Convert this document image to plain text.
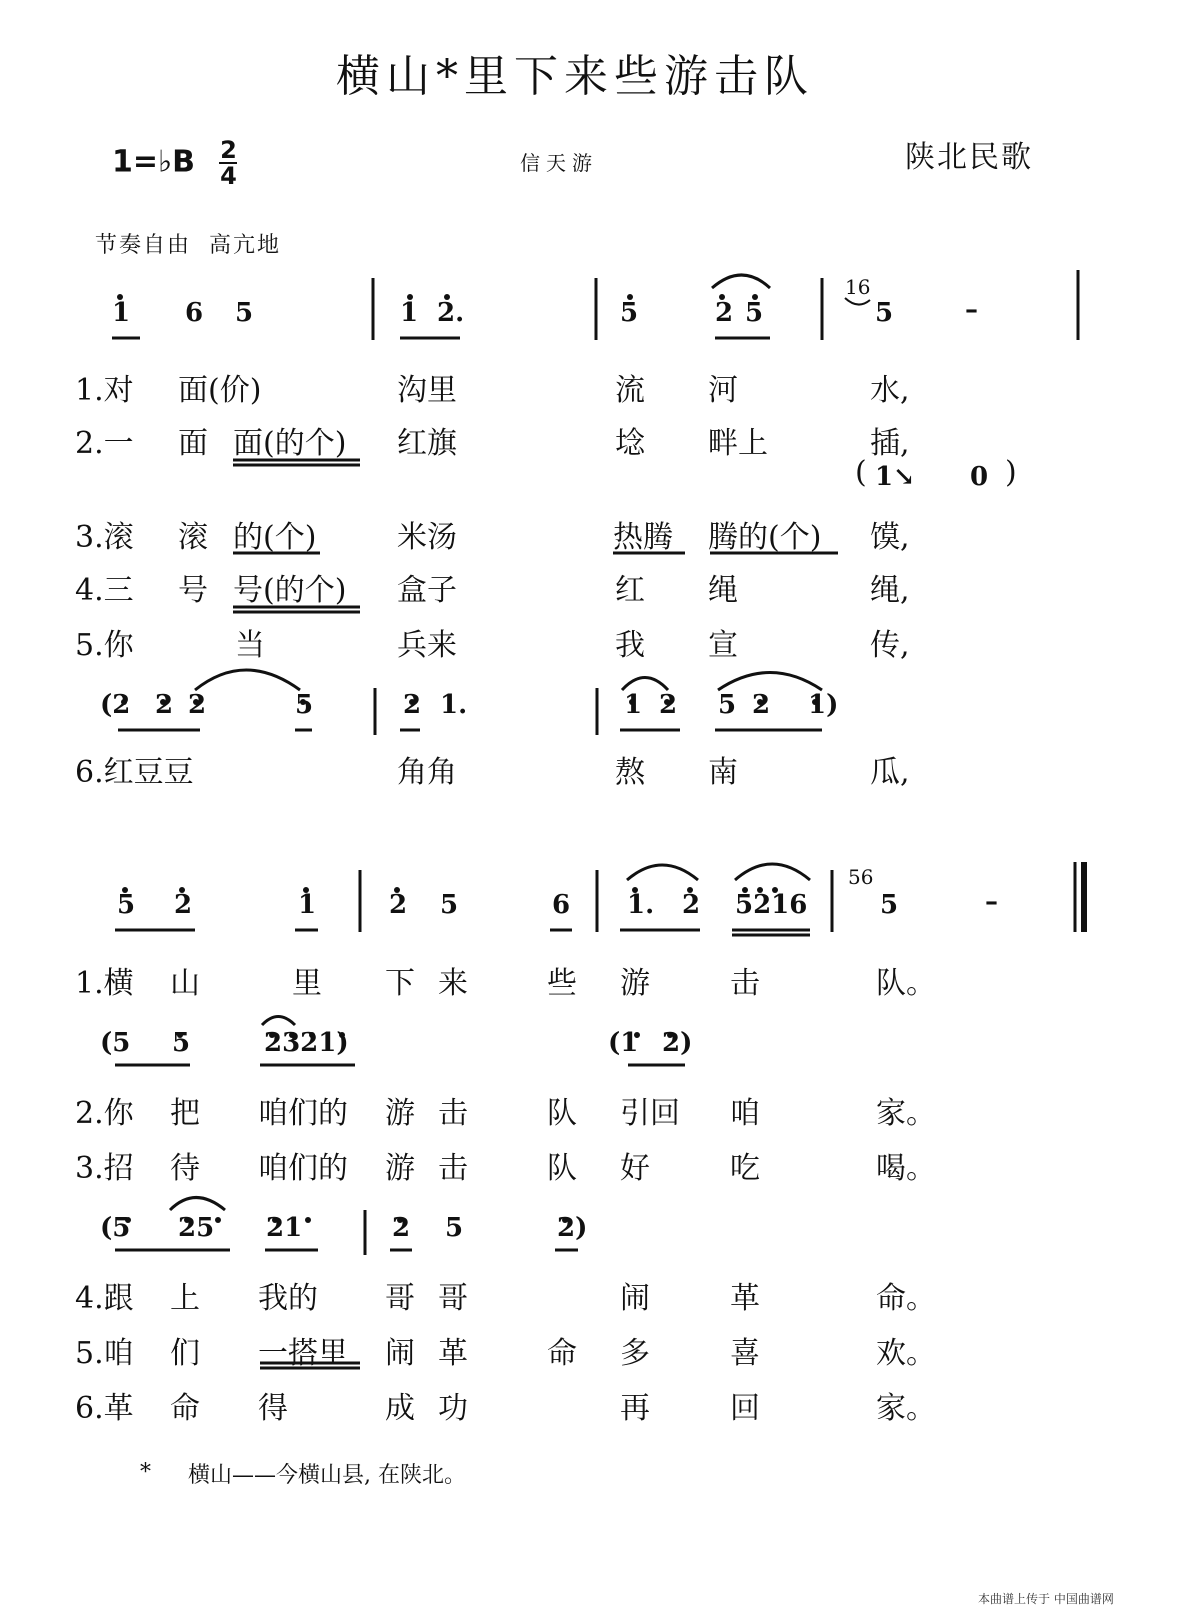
横山*里下来些游击队
1=♭B $\frac{2}{4}$	信天游	陕北民歌
节奏自由  高亢地
1 6 5	1 2.	5	2 5	5	–
16
1.对 面(价)	沟里	流 河	水,
2.一 面 面(的个) 红旗	埝 畔上	插,
( 1↘ 0 )
3.滚 滚 的(个)	米汤	热腾 腾的(个) 馍,
4.三 号 号(的个) 盒子	红 绳	绳,
5.你	当	兵来	我 宣	传,
(2 2 2	5	2 1.	1 2 5 2 1)
6.红豆豆	角角	熬 南	瓜,
5 2	1	2 5	6 1. 2 5216	5	–
56
1.横 山	里 下 来	些 游	击	队。
(5 5	2321)	(1 2)
2.你 把 咱们的 游 击	队 引回 咱	家。
3.招 待 咱们的 游 击	队 好	吃	喝。
(5 25 21	2 5	2)
4.跟 上 我的 哥 哥	闹	革	命。
5.咱 们 一搭里 闹 革	命 多	喜	欢。
6.革 命 得	成 功	再	回	家。
* 横山——今横山县, 在陕北。
本曲谱上传于 中国曲谱网
